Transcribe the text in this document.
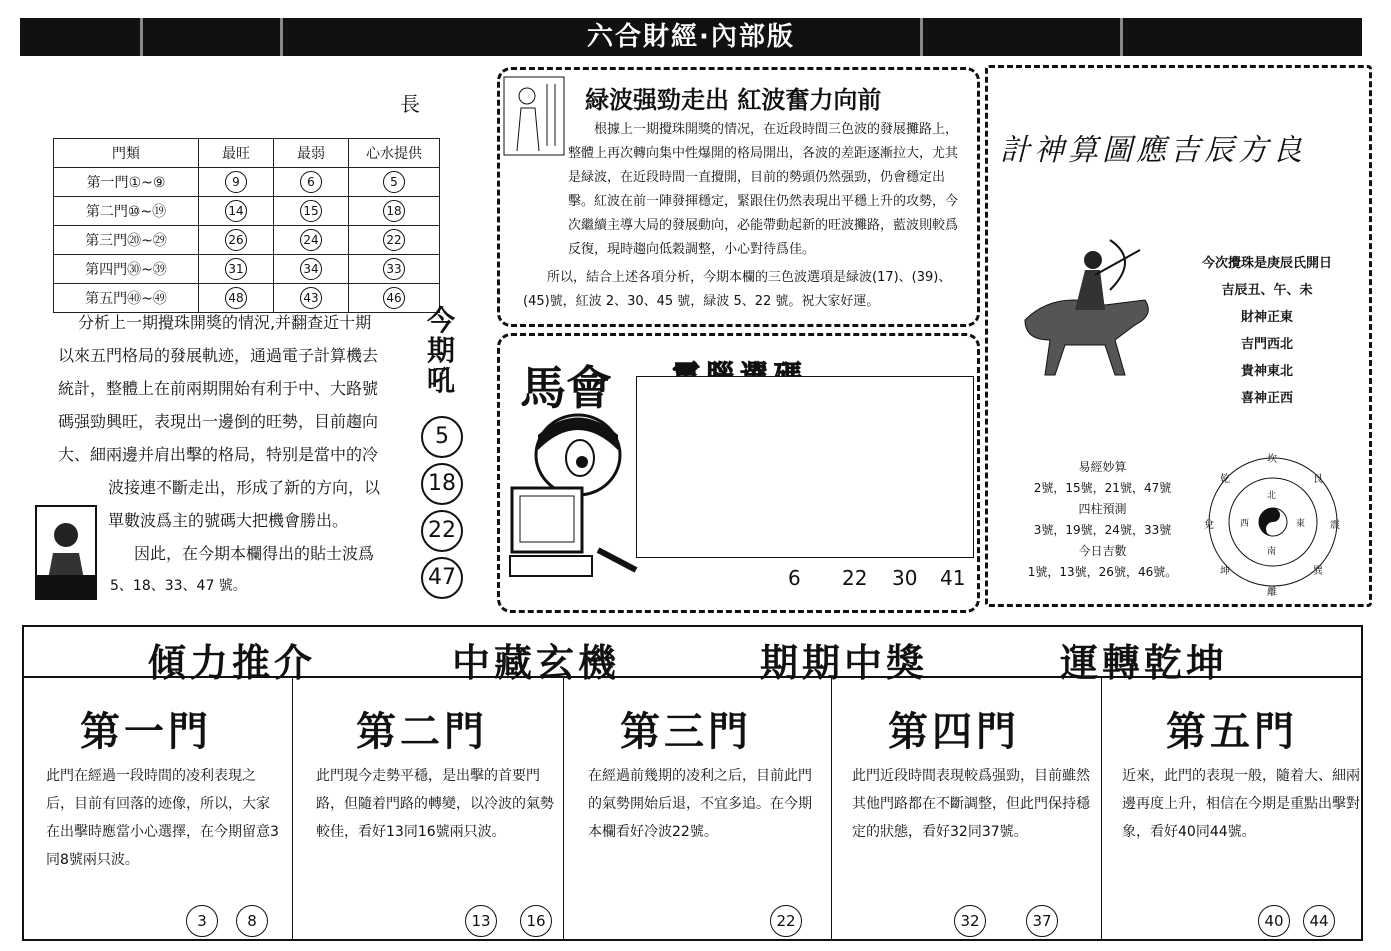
六合財經·內部版
門類	最旺	最弱	心水提供
第一門①~⑨	9	6	5
第二門⑩~⑲	14	15	18
第三門⑳~㉙	26	24	22
第四門㉚~㊴	31	34	33
第五門㊵~㊾	48	43	46
長
分析上一期攪珠開獎的情況,并翻查近十期
以來五門格局的發展軌迹，通過電子計算機去
統計，整體上在前兩期開始有利于中、大路號
碼强勁興旺，表現出一邊倒的旺勢，目前趨向
大、細兩邊并肩出擊的格局，特别是當中的冷
波接連不斷走出，形成了新的方向，以
單數波爲主的號碼大把機會勝出。
因此，在今期本欄得出的貼士波爲
5、18、33、47 號。
今期吼
5
18
22
47
緑波强勁走出 紅波奮力向前
根據上一期攪珠開獎的情况，在近段時間三色波的發展攤路上，整體上再次轉向集中性爆開的格局開出，各波的差距逐漸拉大，尤其是緑波，在近段時間一直攪開，目前的勢頭仍然强勁，仍會穩定出擊。紅波在前一陣發揮穩定，緊跟住仍然表現出平穩上升的攻勢，今次繼續主導大局的發展動向，必能帶動起新的旺波攤路，藍波則較爲反復，現時趨向低穀調整，小心對待爲佳。
所以，結合上述各項分析，今期本欄的三色波選項是緑波(17)、(39)、(45)號，紅波 2、30、45 號，緑波 5、22 號。祝大家好運。
馬會
6 22 30 41
計神算圖應吉辰方良
今次攪珠是庚辰氏開日
吉辰丑、午、未
財神正東
吉門西北
貴神東北
喜神正西
易經妙算
2號，15號，21號，47號
四柱預測
3號，19號，24號，33號
今日吉數
1號，13號，26號，46號。
坎
艮
震
巽
離
坤
兌
乾
北
東
南
西
傾力推介	中藏玄機	期期中獎	運轉乾坤
第一門
此門在經過一段時間的凌利表現之后，目前有回落的迹像，所以，大家在出擊時應當小心選擇，在今期留意3同8號兩只波。
3	8
第二門
此門現今走勢平穩，是出擊的首要門路，但隨着門路的轉變，以冷波的氣勢較佳，看好13同16號兩只波。
13	16
第三門
在經過前幾期的凌利之后，目前此門的氣勢開始后退，不宜多追。在今期本欄看好冷波22號。
22
第四門
此門近段時間表現較爲强勁，目前雖然其他門路都在不斷調整，但此門保持穩定的狀態，看好32同37號。
32	37
第五門
近來，此門的表現一般，隨着大、細兩邊再度上升，相信在今期是重點出擊對象，看好40同44號。
40	44
